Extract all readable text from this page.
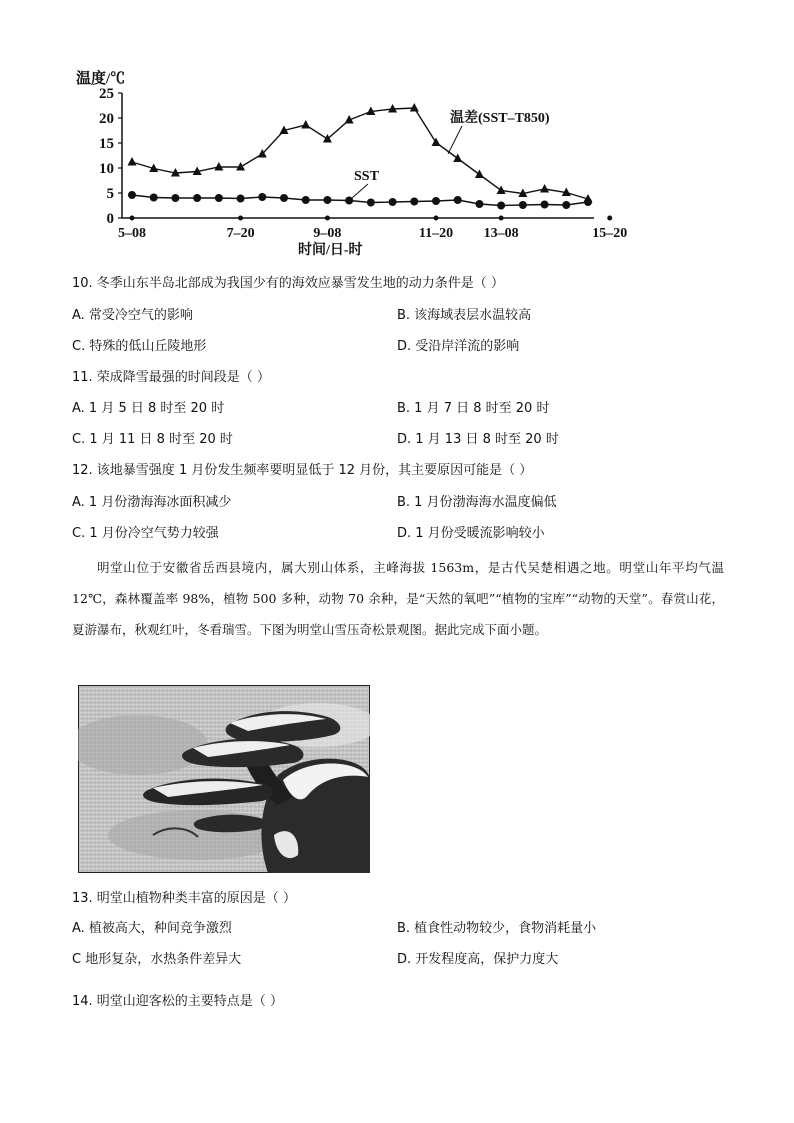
温度/℃
0
5
10
15
20
25
5–08	7–20	9–08	11–20 13–08	15–20
温差(SST–T850)
SST
时间/日-时
10. 冬季山东半岛北部成为我国少有的海效应暴雪发生地的动力条件是（ ）
A. 常受冷空气的影响	B. 该海域表层水温较高
C. 特殊的低山丘陵地形	D. 受沿岸洋流的影响
11. 荣成降雪最强的时间段是（ ）
A. 1 月 5 日 8 时至 20 时	B. 1 月 7 日 8 时至 20 时
C. 1 月 11 日 8 时至 20 时	D. 1 月 13 日 8 时至 20 时
12. 该地暴雪强度 1 月份发生频率要明显低于 12 月份，其主要原因可能是（ ）
A. 1 月份渤海海冰面积减少	B. 1 月份渤海海水温度偏低
C. 1 月份冷空气势力较强	D. 1 月份受暖流影响较小

明堂山位于安徽省岳西县境内，属大别山体系，主峰海拔 1563m，是古代吴楚相遇之地。明堂山年平均气温 12℃，森林覆盖率 98%，植物 500 多种，动物 70 余种，是“天然的氧吧”“植物的宝库”“动物的天堂”。春赏山花，夏游瀑布，秋观红叶，冬看瑞雪。下图为明堂山雪压奇松景观图。据此完成下面小题。

13. 明堂山植物种类丰富的原因是（ ）
A. 植被高大，种间竞争激烈	B. 植食性动物较少，食物消耗量小
C 地形复杂，水热条件差异大	D. 开发程度高，保护力度大
14. 明堂山迎客松的主要特点是（ ）
